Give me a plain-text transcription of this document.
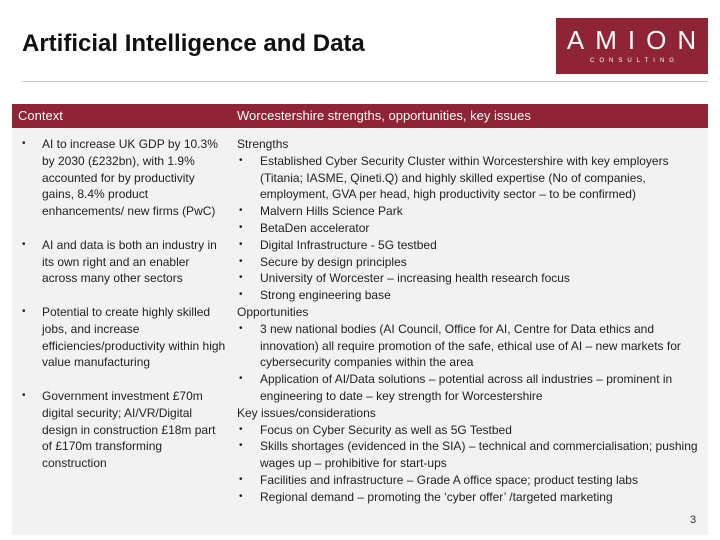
Artificial Intelligence and Data	AMION
CONSULTING
Context	Worcestershire strengths, opportunities, key issues
• AI to increase UK GDP by 10.3% by 2030 (£232bn), with 1.9% accounted for by productivity gains, 8.4% product enhancements/ new firms (PwC)
• AI and data is both an industry in its own right and an enabler across many other sectors
• Potential to create highly skilled jobs, and increase efficiencies/productivity within high value manufacturing
• Government investment £70m digital security; AI/VR/Digital design in construction £18m part of £170m transforming construction
Strengths
• Established Cyber Security Cluster within Worcestershire with key employers (Titania; IASME, Qineti.Q) and highly skilled expertise (No of companies, employment, GVA per head, high productivity sector – to be confirmed)
• Malvern Hills Science Park
• BetaDen accelerator
• Digital Infrastructure - 5G testbed
• Secure by design principles
• University of Worcester – increasing health research focus
• Strong engineering base
Opportunities
• 3 new national bodies (AI Council, Office for AI, Centre for Data ethics and innovation) all require promotion of the safe, ethical use of AI – new markets for cybersecurity companies within the area
• Application of AI/Data solutions – potential across all industries – prominent in engineering to date – key strength for Worcestershire
Key issues/considerations
• Focus on Cyber Security as well as 5G Testbed
• Skills shortages (evidenced in the SIA) – technical and commercialisation; pushing wages up – prohibitive for start-ups
• Facilities and infrastructure – Grade A office space; product testing labs
• Regional demand – promoting the ‘cyber offer’ /targeted marketing
3
